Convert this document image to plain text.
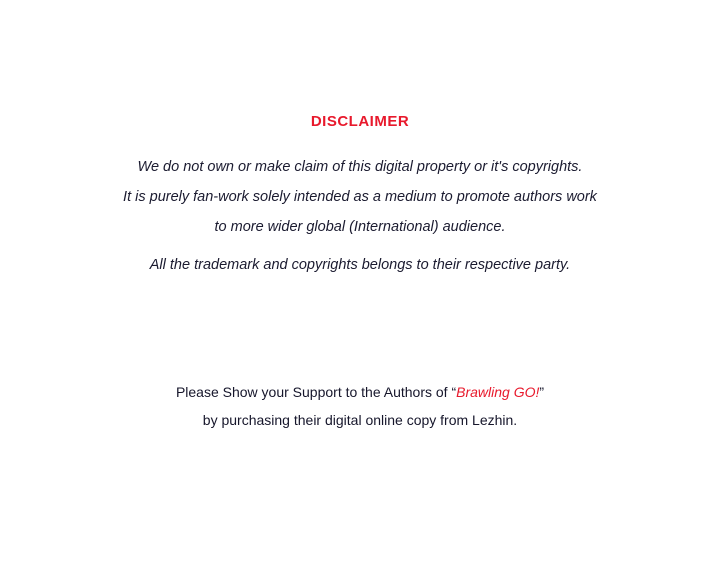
DISCLAIMER
We do not own or make claim of this digital property or it's copyrights.
It is purely fan-work solely intended as a medium to promote authors work
to more wider global (International) audience.
All the trademark and copyrights belongs to their respective party.
Please Show your Support to the Authors of “Brawling GO!”
by purchasing their digital online copy from Lezhin.
